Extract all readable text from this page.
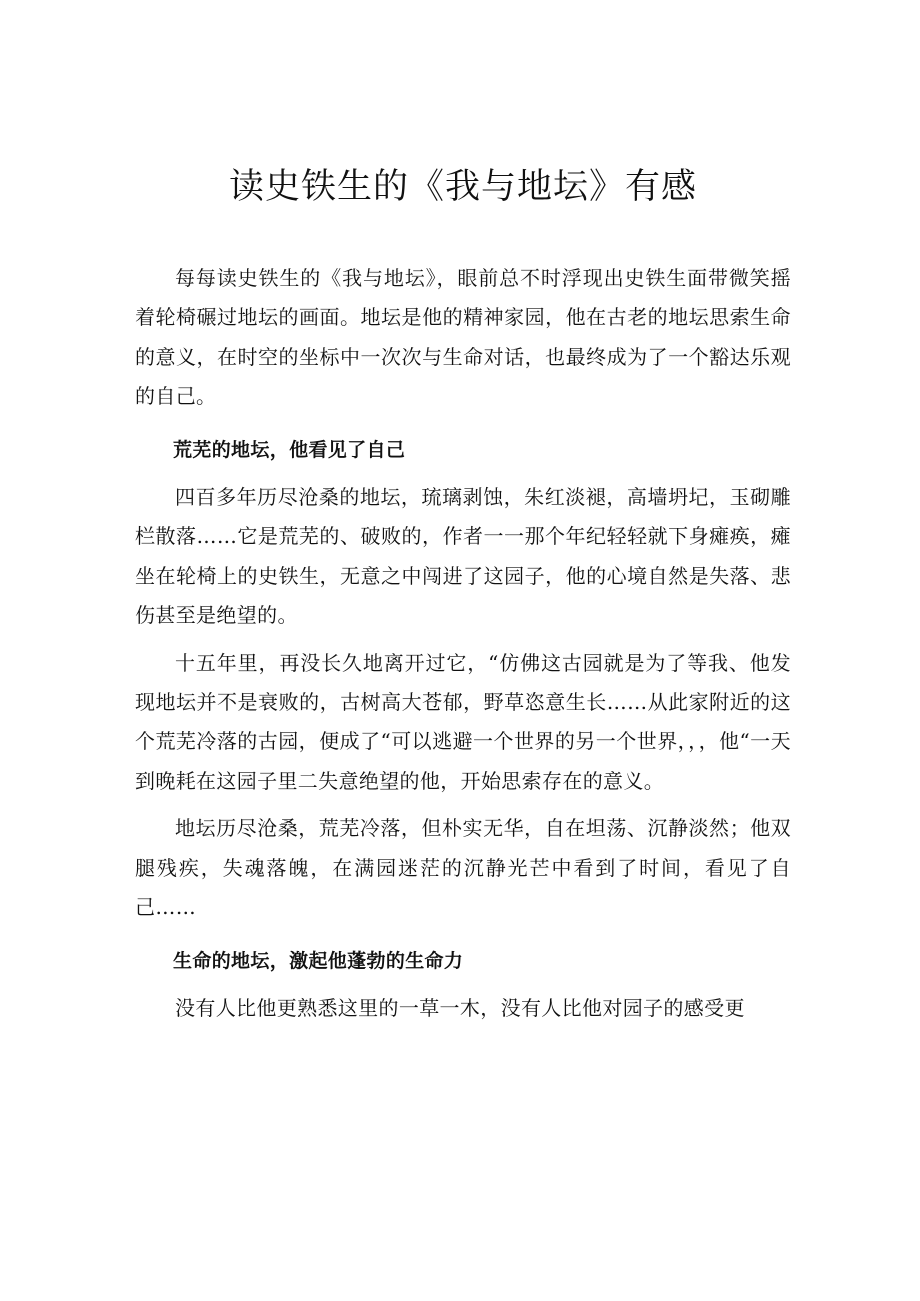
读史铁生的《我与地坛》有感

每每读史铁生的《我与地坛》，眼前总不时浮现出史铁生面带微笑摇着轮椅碾过地坛的画面。地坛是他的精神家园，他在古老的地坛思索生命的意义，在时空的坐标中一次次与生命对话，也最终成为了一个豁达乐观的自己。

荒芜的地坛，他看见了自己

四百多年历尽沧桑的地坛，琉璃剥蚀，朱红淡褪，高墙坍圮，玉砌雕栏散落……它是荒芜的、破败的，作者一一那个年纪轻轻就下身瘫痪，瘫坐在轮椅上的史铁生，无意之中闯进了这园子，他的心境自然是失落、悲伤甚至是绝望的。

十五年里，再没长久地离开过它，“仿佛这古园就是为了等我、他发现地坛并不是衰败的，古树高大苍郁，野草恣意生长……从此家附近的这个荒芜冷落的古园，便成了“可以逃避一个世界的另一个世界，，，他“一天到晚耗在这园子里二失意绝望的他，开始思索存在的意义。

地坛历尽沧桑，荒芜冷落，但朴实无华，自在坦荡、沉静淡然；他双腿残疾，失魂落魄，在满园迷茫的沉静光芒中看到了时间，看见了自己……

生命的地坛，激起他蓬勃的生命力

没有人比他更熟悉这里的一草一木，没有人比他对园子的感受更
